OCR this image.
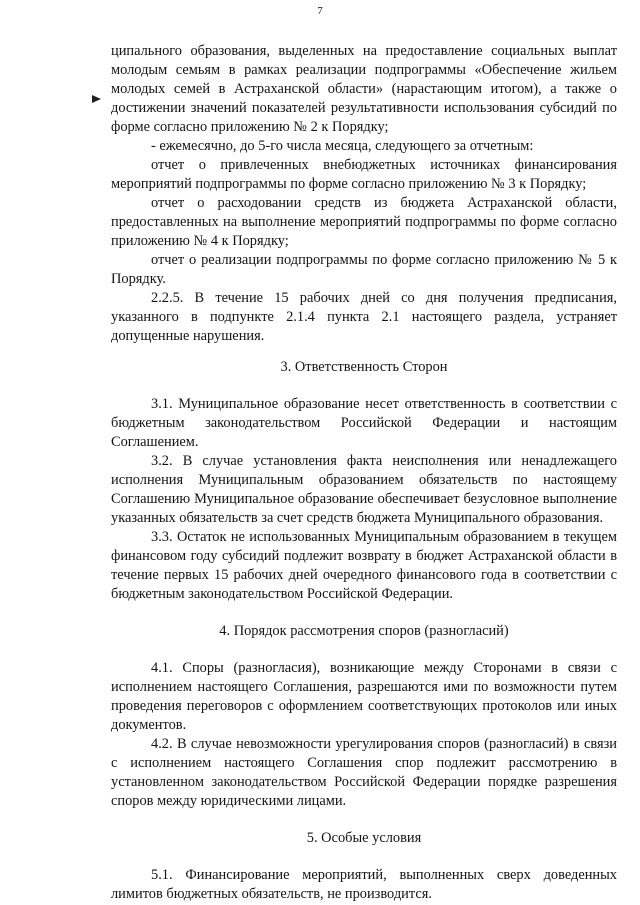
7

ципального образования, выделенных на предоставление социальных выплат молодым семьям в рамках реализации подпрограммы «Обеспечение жильем молодых семей в Астраханской области» (нарастающим итогом), а также о достижении значений показателей результативности использования субсидий по форме согласно приложению № 2 к Порядку;

- ежемесячно, до 5-го числа месяца, следующего за отчетным:

отчет о привлеченных внебюджетных источниках финансирования мероприятий подпрограммы по форме согласно приложению № 3 к Порядку;

отчет о расходовании средств из бюджета Астраханской области, предоставленных на выполнение мероприятий подпрограммы по форме согласно приложению № 4 к Порядку;

отчет о реализации подпрограммы по форме согласно приложению № 5 к Порядку.

2.2.5. В течение 15 рабочих дней со дня получения предписания, указанного в подпункте 2.1.4 пункта 2.1 настоящего раздела, устраняет допущенные нарушения.

3. Ответственность Сторон

3.1. Муниципальное образование несет ответственность в соответствии с бюджетным законодательством Российской Федерации и настоящим Соглашением.

3.2. В случае установления факта неисполнения или ненадлежащего исполнения Муниципальным образованием обязательств по настоящему Соглашению Муниципальное образование обеспечивает безусловное выполнение указанных обязательств за счет средств бюджета Муниципального образования.

3.3. Остаток не использованных Муниципальным образованием в текущем финансовом году субсидий подлежит возврату в бюджет Астраханской области в течение первых 15 рабочих дней очередного финансового года в соответствии с бюджетным законодательством Российской Федерации.

4. Порядок рассмотрения споров (разногласий)

4.1. Споры (разногласия), возникающие между Сторонами в связи с исполнением настоящего Соглашения, разрешаются ими по возможности путем проведения переговоров с оформлением соответствующих протоколов или иных документов.

4.2. В случае невозможности урегулирования споров (разногласий) в связи с исполнением настоящего Соглашения спор подлежит рассмотрению в установленном законодательством Российской Федерации порядке разрешения споров между юридическими лицами.

5. Особые условия

5.1. Финансирование мероприятий, выполненных сверх доведенных лимитов бюджетных обязательств, не производится.
